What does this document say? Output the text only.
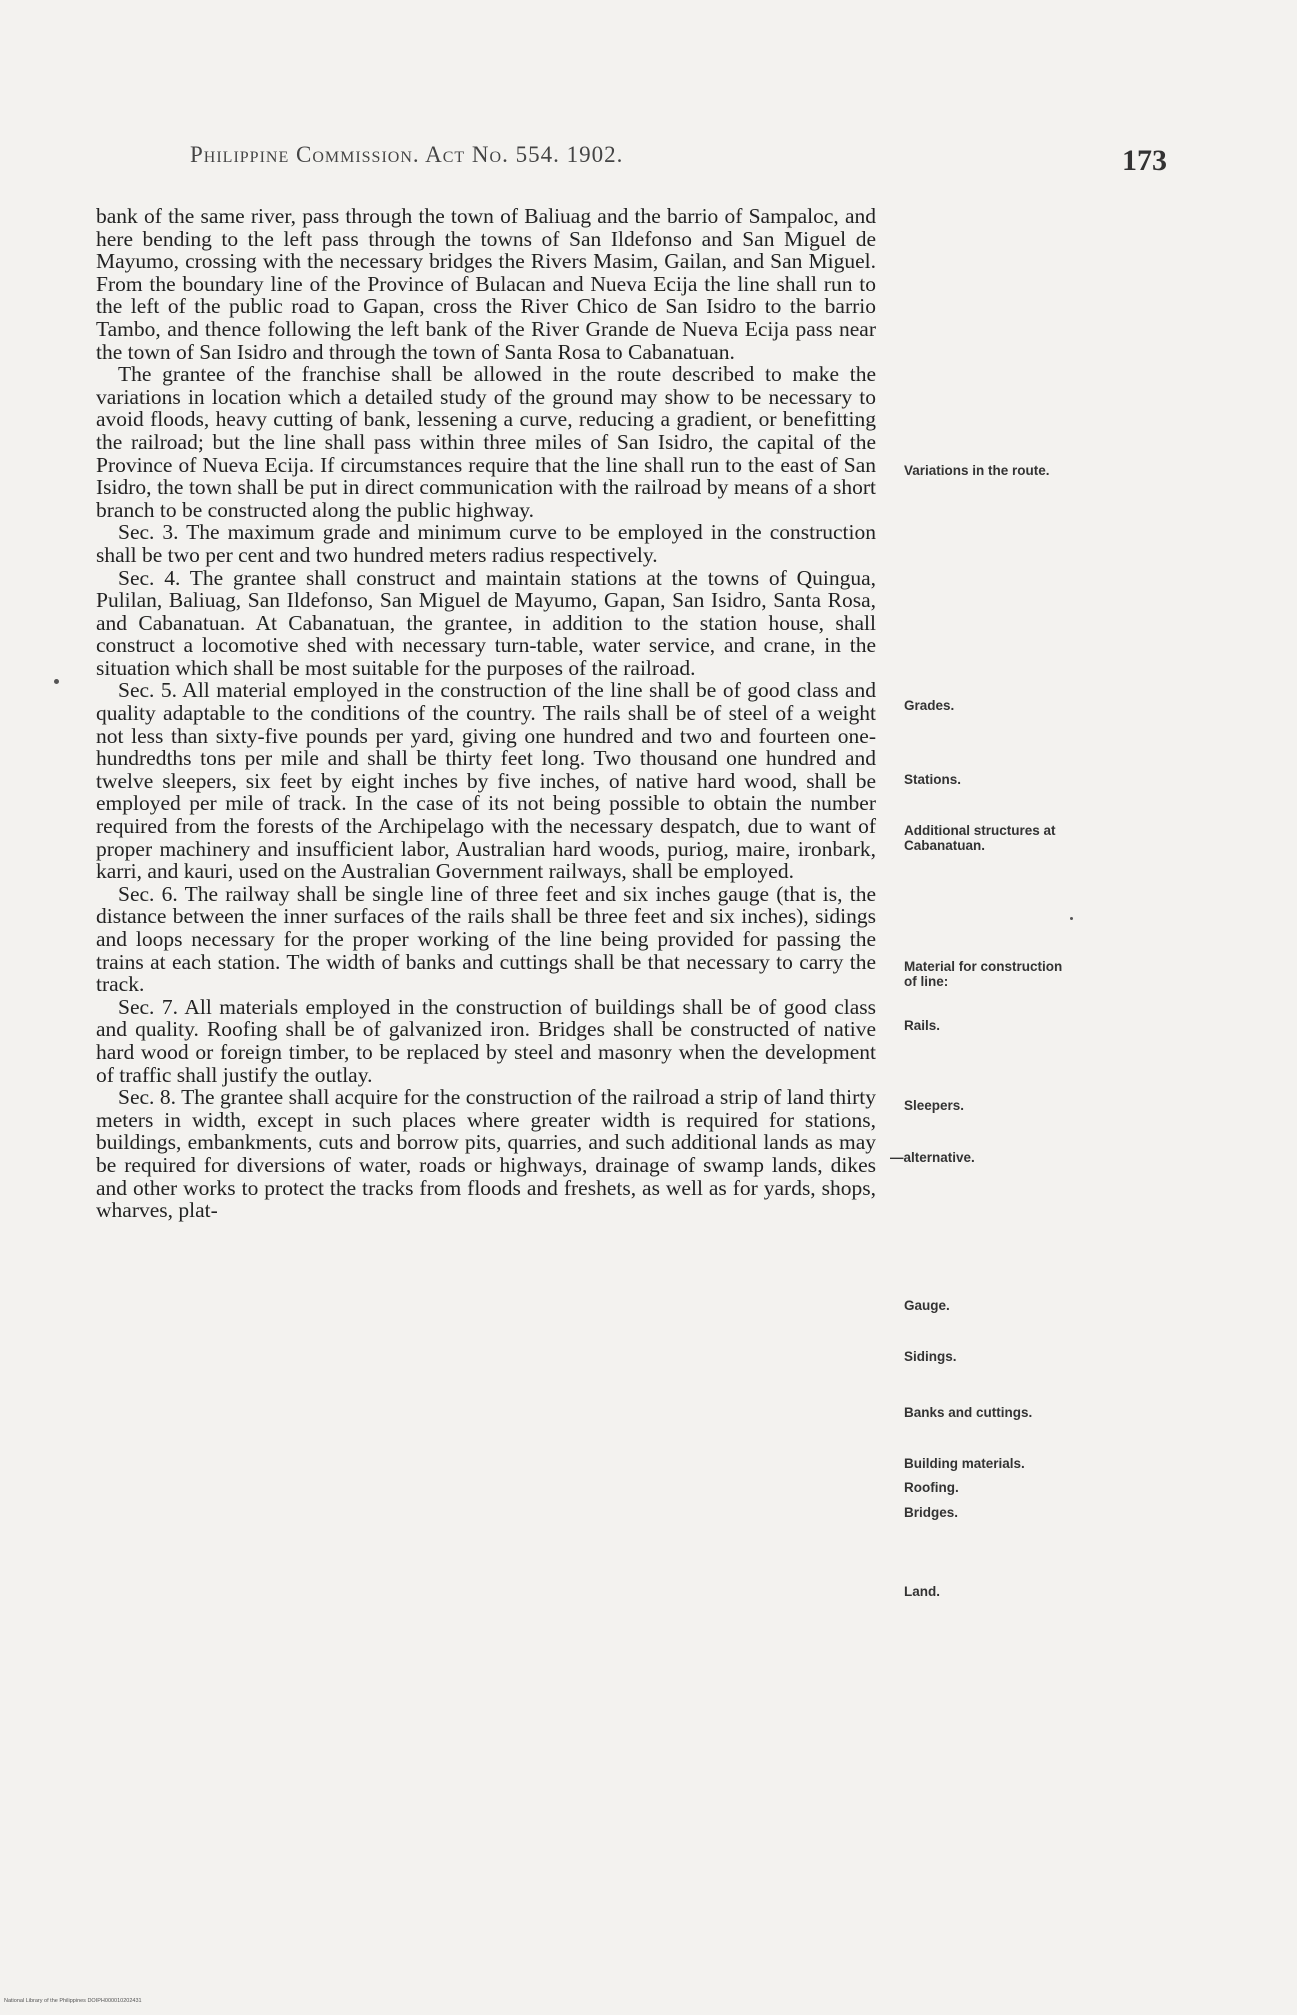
Philippine Commission. Act No. 554. 1902.	173

bank of the same river, pass through the town of Baliuag and the barrio of Sampaloc, and here bending to the left pass through the towns of San Ildefonso and San Miguel de Mayumo, crossing with the necessary bridges the Rivers Masim, Gailan, and San Miguel. From the boundary line of the Province of Bulacan and Nueva Ecija the line shall run to the left of the public road to Gapan, cross the River Chico de San Isidro to the barrio Tambo, and thence following the left bank of the River Grande de Nueva Ecija pass near the town of San Isidro and through the town of Santa Rosa to Cabanatuan.

The grantee of the franchise shall be allowed in the route described to make the variations in location which a detailed study of the ground may show to be necessary to avoid floods, heavy cutting of bank, lessening a curve, reducing a gradient, or benefitting the railroad; but the line shall pass within three miles of San Isidro, the capital of the Province of Nueva Ecija. If circumstances require that the line shall run to the east of San Isidro, the town shall be put in direct communication with the railroad by means of a short branch to be constructed along the public highway.

Sec. 3. The maximum grade and minimum curve to be employed in the construction shall be two per cent and two hundred meters radius respectively.

Sec. 4. The grantee shall construct and maintain stations at the towns of Quingua, Pulilan, Baliuag, San Ildefonso, San Miguel de Mayumo, Gapan, San Isidro, Santa Rosa, and Cabanatuan. At Cabanatuan, the grantee, in addition to the station house, shall construct a locomotive shed with necessary turn-table, water service, and crane, in the situation which shall be most suitable for the purposes of the railroad.

Sec. 5. All material employed in the construction of the line shall be of good class and quality adaptable to the conditions of the country. The rails shall be of steel of a weight not less than sixty-five pounds per yard, giving one hundred and two and fourteen one-hundredths tons per mile and shall be thirty feet long. Two thousand one hundred and twelve sleepers, six feet by eight inches by five inches, of native hard wood, shall be employed per mile of track. In the case of its not being possible to obtain the number required from the forests of the Archipelago with the necessary despatch, due to want of proper machinery and insufficient labor, Australian hard woods, puriog, maire, ironbark, karri, and kauri, used on the Australian Government railways, shall be employed.

Sec. 6. The railway shall be single line of three feet and six inches gauge (that is, the distance between the inner surfaces of the rails shall be three feet and six inches), sidings and loops necessary for the proper working of the line being provided for passing the trains at each station. The width of banks and cuttings shall be that necessary to carry the track.

Sec. 7. All materials employed in the construction of buildings shall be of good class and quality. Roofing shall be of galvanized iron. Bridges shall be constructed of native hard wood or foreign timber, to be replaced by steel and masonry when the development of traffic shall justify the outlay.

Sec. 8. The grantee shall acquire for the construction of the railroad a strip of land thirty meters in width, except in such places where greater width is required for stations, buildings, embankments, cuts and borrow pits, quarries, and such additional lands as may be required for diversions of water, roads or highways, drainage of swamp lands, dikes and other works to protect the tracks from floods and freshets, as well as for yards, shops, wharves, plat-

Variations in the route.
Grades.
Stations.
Additional structures at Cabanatuan.
Material for construction of line:
Rails.
Sleepers.
—alternative.
Gauge.
Sidings.
Banks and cuttings.
Building materials.
Roofing.
Bridges.
Land.
National Library of the Philippines DOIPH000010202431
